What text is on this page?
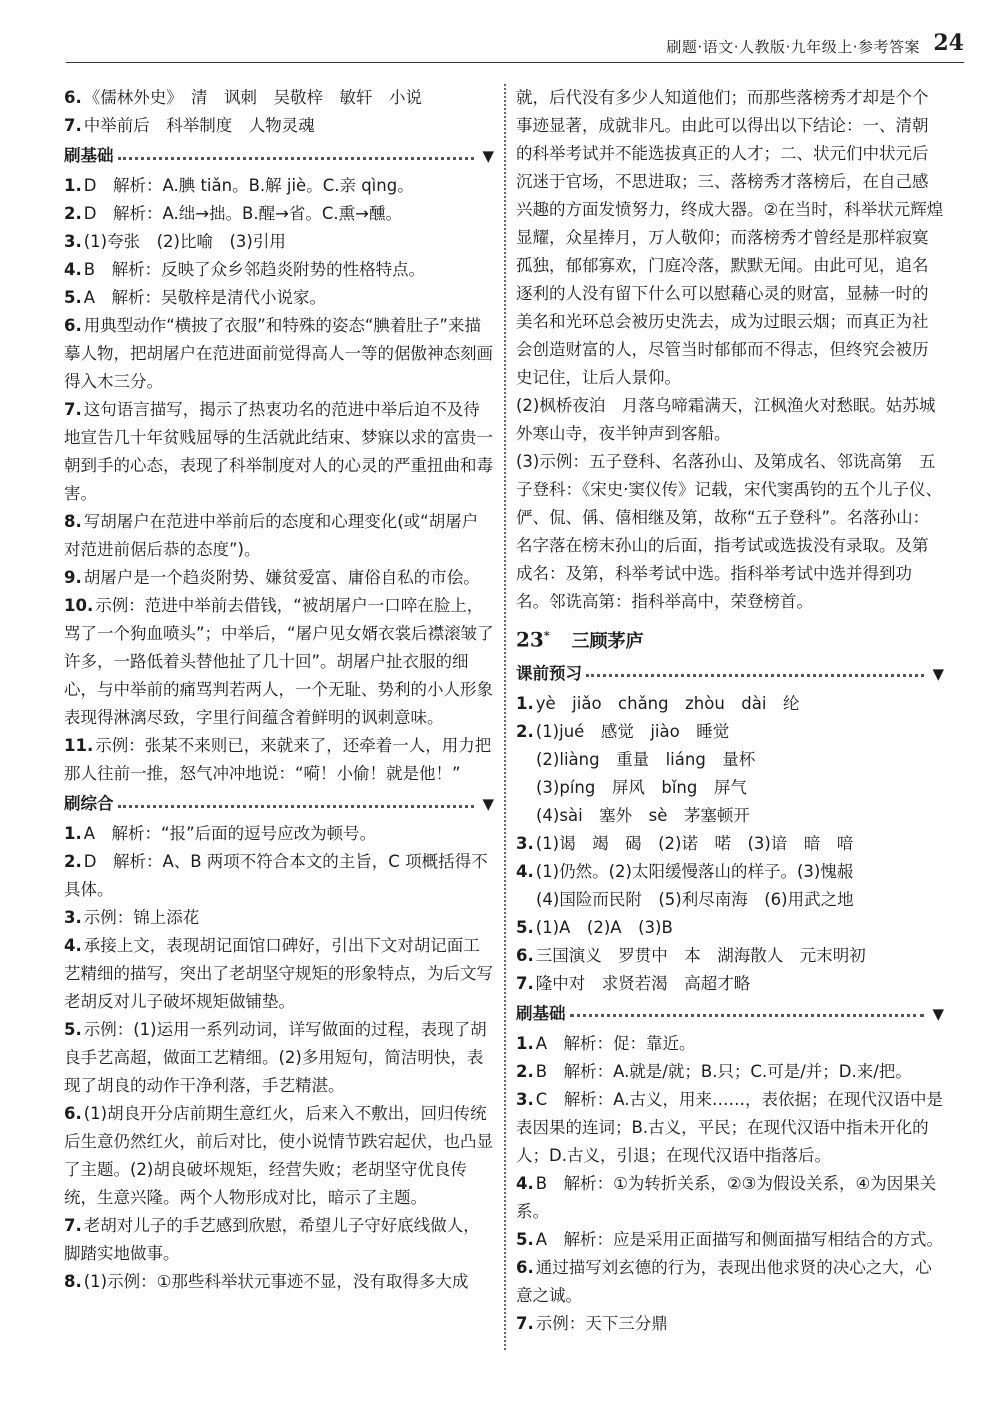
刷题·语文·人教版·九年级上·参考答案 24

6. 《儒林外史》　清　讽刺　吴敬梓　敏轩　小说

7. 中举前后　科举制度　人物灵魂

刷基础	▼

1. D　解析：A.腆 tiǎn。B.解 jiè。C.亲 qìng。

2. D　解析：A.绌→拙。B.醒→省。C.熏→醺。

3. (1)夸张　(2)比喻　(3)引用

4. B　解析：反映了众乡邻趋炎附势的性格特点。

5. A　解析：吴敬梓是清代小说家。

6. 用典型动作“横披了衣服”和特殊的姿态“腆着肚子”来描摹人物，把胡屠户在范进面前觉得高人一等的倨傲神态刻画得入木三分。

7. 这句语言描写，揭示了热衷功名的范进中举后迫不及待地宣告几十年贫贱屈辱的生活就此结束、梦寐以求的富贵一朝到手的心态，表现了科举制度对人的心灵的严重扭曲和毒害。

8. 写胡屠户在范进中举前后的态度和心理变化(或“胡屠户对范进前倨后恭的态度”)。

9. 胡屠户是一个趋炎附势、嫌贫爱富、庸俗自私的市侩。

10. 示例：范进中举前去借钱，“被胡屠户一口啐在脸上，骂了一个狗血喷头”；中举后，“屠户见女婿衣裳后襟滚皱了许多，一路低着头替他扯了几十回”。胡屠户扯衣服的细心，与中举前的痛骂判若两人，一个无耻、势利的小人形象表现得淋漓尽致，字里行间蕴含着鲜明的讽刺意味。

11. 示例：张某不来则已，来就来了，还牵着一人，用力把那人往前一推，怒气冲冲地说：“嗬！小偷！就是他！”

刷综合	▼

1. A　解析：“报”后面的逗号应改为顿号。

2. D　解析：A、B 两项不符合本文的主旨，C 项概括得不具体。

3. 示例：锦上添花

4. 承接上文，表现胡记面馆口碑好，引出下文对胡记面工艺精细的描写，突出了老胡坚守规矩的形象特点，为后文写老胡反对儿子破坏规矩做铺垫。

5. 示例：(1)运用一系列动词，详写做面的过程，表现了胡良手艺高超，做面工艺精细。(2)多用短句，简洁明快，表现了胡良的动作干净利落，手艺精湛。

6. (1)胡良开分店前期生意红火，后来入不敷出，回归传统后生意仍然红火，前后对比，使小说情节跌宕起伏，也凸显了主题。(2)胡良破坏规矩，经营失败；老胡坚守优良传统，生意兴隆。两个人物形成对比，暗示了主题。

7. 老胡对儿子的手艺感到欣慰，希望儿子守好底线做人，脚踏实地做事。

8. (1)示例：①那些科举状元事迹不显，没有取得多大成

就，后代没有多少人知道他们；而那些落榜秀才却是个个事迹显著，成就非凡。由此可以得出以下结论：一、清朝的科举考试并不能选拔真正的人才；二、状元们中状元后沉迷于官场，不思进取；三、落榜秀才落榜后，在自己感兴趣的方面发愤努力，终成大器。②在当时，科举状元辉煌显耀，众星捧月，万人敬仰；而落榜秀才曾经是那样寂寞孤独，郁郁寡欢，门庭冷落，默默无闻。由此可见，追名逐利的人没有留下什么可以慰藉心灵的财富，显赫一时的美名和光环总会被历史洗去，成为过眼云烟；而真正为社会创造财富的人，尽管当时郁郁而不得志，但终究会被历史记住，让后人景仰。

(2)枫桥夜泊　月落乌啼霜满天，江枫渔火对愁眠。姑苏城外寒山寺，夜半钟声到客船。

(3)示例：五子登科、名落孙山、及第成名、邻诜高第　五子登科：《宋史·窦仪传》记载，宋代窦禹钧的五个儿子仪、俨、侃、偁、僖相继及第，故称“五子登科”。名落孙山：名字落在榜末孙山的后面，指考试或选拔没有录取。及第成名：及第，科举考试中选。指科举考试中选并得到功名。邻诜高第：指科举高中，荣登榜首。

23* 三顾茅庐
课前预习	▼

1. yè　jiǎo　chǎng　zhòu　dài　纶

2. (1)jué　感觉　jiào　睡觉

(2)liàng　重量　liáng　量杯
(3)píng　屏风　bǐng　屏气
(4)sài　塞外　sè　茅塞顿开

3. (1)谒　竭　碣　(2)诺　喏　(3)谙　暗　喑

4. (1)仍然。(2)太阳缓慢落山的样子。(3)愧赧

(4)国险而民附　(5)利尽南海　(6)用武之地

5. (1)A　(2)A　(3)B

6. 三国演义　罗贯中　本　湖海散人　元末明初

7. 隆中对　求贤若渴　高超才略

刷基础	▼

1. A　解析：促：靠近。

2. B　解析：A.就是/就；B.只；C.可是/并；D.来/把。

3. C　解析：A.古义，用来……，表依据；在现代汉语中是表因果的连词；B.古义，平民；在现代汉语中指未开化的人；D.古义，引退；在现代汉语中指落后。

4. B　解析：①为转折关系，②③为假设关系，④为因果关系。

5. A　解析：应是采用正面描写和侧面描写相结合的方式。

6. 通过描写刘玄德的行为，表现出他求贤的决心之大，心意之诚。

7. 示例：天下三分鼎
